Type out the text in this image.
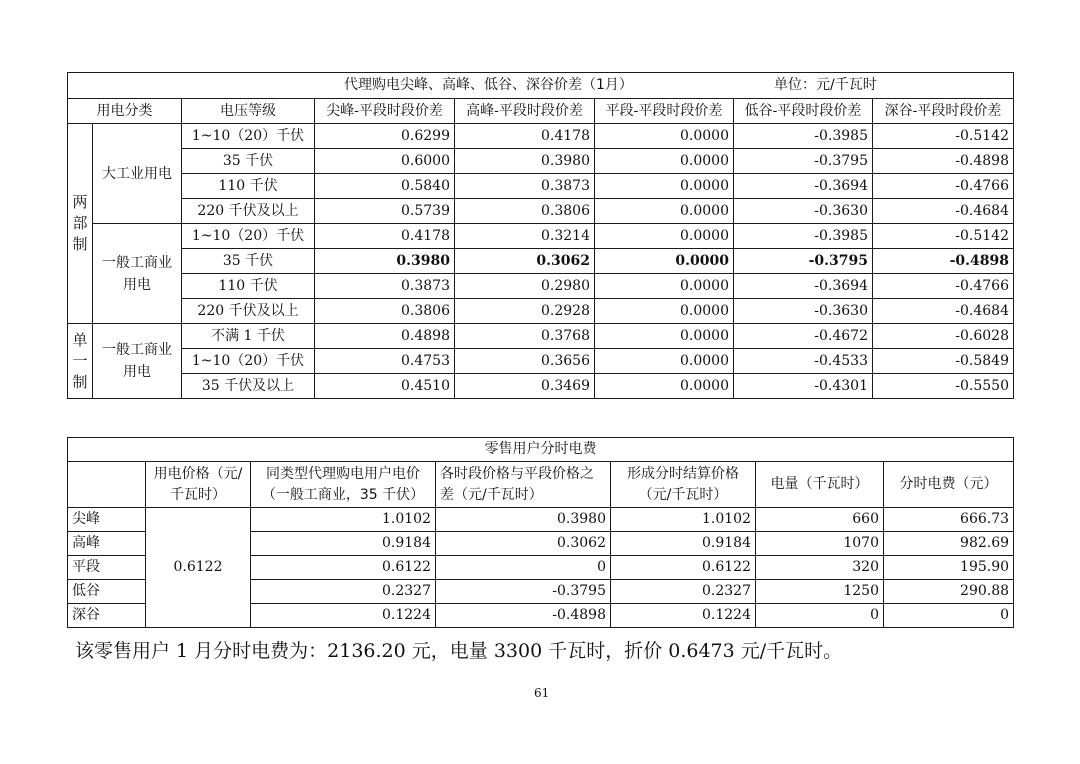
代理购电尖峰、高峰、低谷、深谷价差（1月） 单位：元/千瓦时							

用电分类		电压等级	尖峰-平段时段价差	高峰-平段时段价差	平段-平段时段价差	低谷-平段时段价差	深谷-平段时段价差
两部制	大工业用电	1~10（20）千伏	0.6299	0.4178	0.0000	-0.3985	-0.5142
		35 千伏	0.6000	0.3980	0.0000	-0.3795	-0.4898
		110 千伏	0.5840	0.3873	0.0000	-0.3694	-0.4766
		220 千伏及以上	0.5739	0.3806	0.0000	-0.3630	-0.4684
	一般工商业用电	1~10（20）千伏	0.4178	0.3214	0.0000	-0.3985	-0.5142
		35 千伏	0.3980	0.3062	0.0000	-0.3795	-0.4898
		110 千伏	0.3873	0.2980	0.0000	-0.3694	-0.4766
		220 千伏及以上	0.3806	0.2928	0.0000	-0.3630	-0.4684
单一制	一般工商业用电	不满 1 千伏	0.4898	0.3768	0.0000	-0.4672	-0.6028
		1~10（20）千伏	0.4753	0.3656	0.0000	-0.4533	-0.5849
		35 千伏及以上	0.4510	0.3469	0.0000	-0.4301	-0.5550
零售用户分时电费						
	用电价格（元/千瓦时）	同类型代理购电用户电价（一般工商业，35 千伏）	各时段价格与平段价格之差（元/千瓦时）	形成分时结算价格（元/千瓦时）	电量（千瓦时）	分时电费（元）
尖峰	0.6122	1.0102	0.3980	1.0102	660	666.73
高峰		0.9184	0.3062	0.9184	1070	982.69
平段		0.6122	0	0.6122	320	195.90
低谷		0.2327	-0.3795	0.2327	1250	290.88
深谷		0.1224	-0.4898	0.1224	0	0
该零售用户 1 月分时电费为：2136.20 元，电量 3300 千瓦时，折价 0.6473 元/千瓦时。
61
